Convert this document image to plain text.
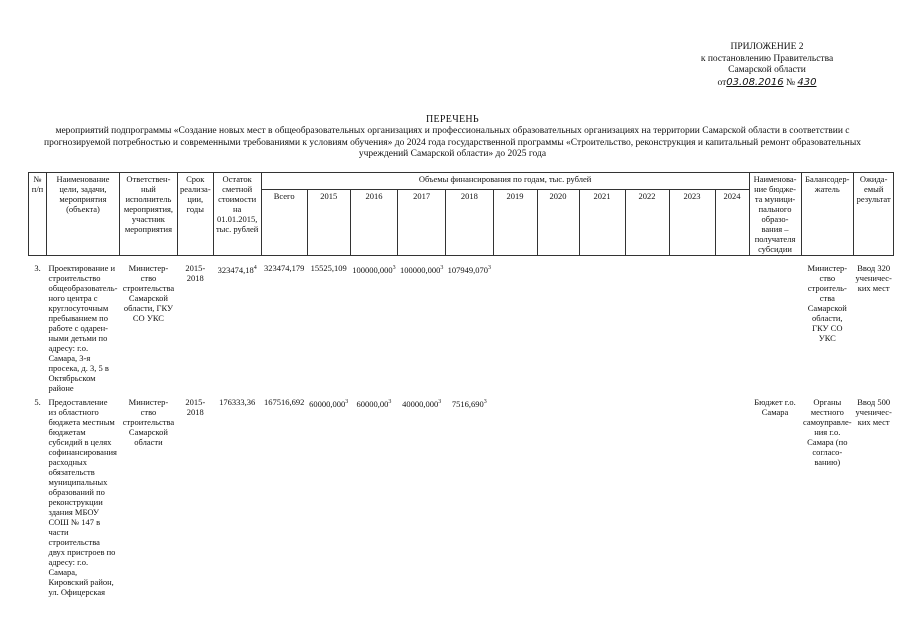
ПРИЛОЖЕНИЕ 2
к постановлению Правительства
Самарской области
от03.08.2016 № 430
ПЕРЕЧЕНЬ
мероприятий подпрограммы «Создание новых мест в общеобразовательных организациях и профессиональных образовательных организациях на территории Самарской области в соответствии с прогнозируемой потребностью и современными требованиями к условиям обучения» до 2024 года государственной программы «Строительство, реконструкция и капитальный ремонт образовательных учреждений Самарской области» до 2025 года
№ п/п	Наименование цели, задачи, мероприятия (объекта)	Ответствен-ный исполнитель мероприятия, участник мероприятия	Срок реализа-ции, годы	Остаток сметной стоимости на 01.01.2015, тыс. рублей	Объемы финансирования по годам, тыс. рублей											Наименова-ние бюдже-та муници-пального образо-вания – получателя субсидии	Балансодер-жатель	Ожида-емый результат
					Всего	2015	2016	2017	2018	2019	2020	2021	2022	2023	2024			

3.	Проектирование и строительство общеобразователь-ного центра с круглосуточным пребыванием по работе с одарен-ными детьми по адресу: г.о. Самара, 3-я просека, д. 3, 5 в Октябрьском районе	Министер-ство строительства Самарской области, ГКУ СО УКС	2015-2018	323474,18$^4$	323474,179	15525,109	100000,000$^3$	100000,000$^3$	107949,070$^3$								Министер-ство строитель-ства Самарской области, ГКУ СО УКС	Ввод 320 ученичес-ких мест
5.	Предоставление из областного бюджета местным бюджетам субсидий в целях софинансирования расходных обязательств муниципальных образований по реконструкции здания МБОУ СОШ № 147 в части строительства двух пристроев по адресу: г.о. Самара, Кировский район, ул. Офицерская	Министер-ство строительства Самарской области	2015-2018	176333,36	167516,692	60000,000$^3$	60000,00$^3$	40000,000$^3$	7516,690$^3$							Бюджет г.о. Самара	Органы местного самоуправле-ния г.о. Самара (по согласо-ванию)	Ввод 500 ученичес-ких мест
